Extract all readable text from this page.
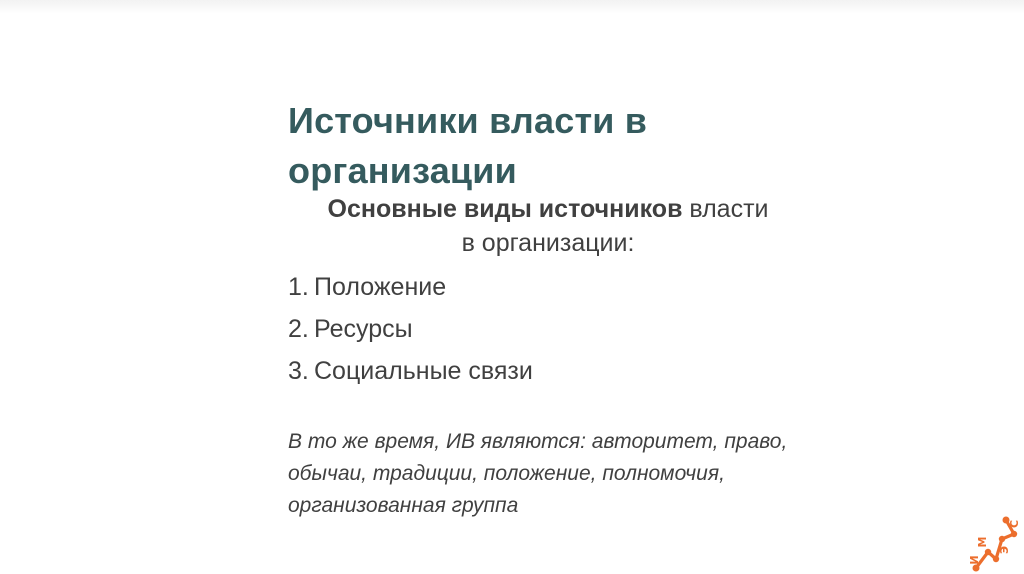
Источники власти в организации
Основные виды источников власти
в организации:
1. Положение
2. Ресурсы
3. Социальные связи
В то же время, ИВ являются: авторитет, право, обычаи, традиции, положение, полномочия, организованная группа
И
М
Э
С
